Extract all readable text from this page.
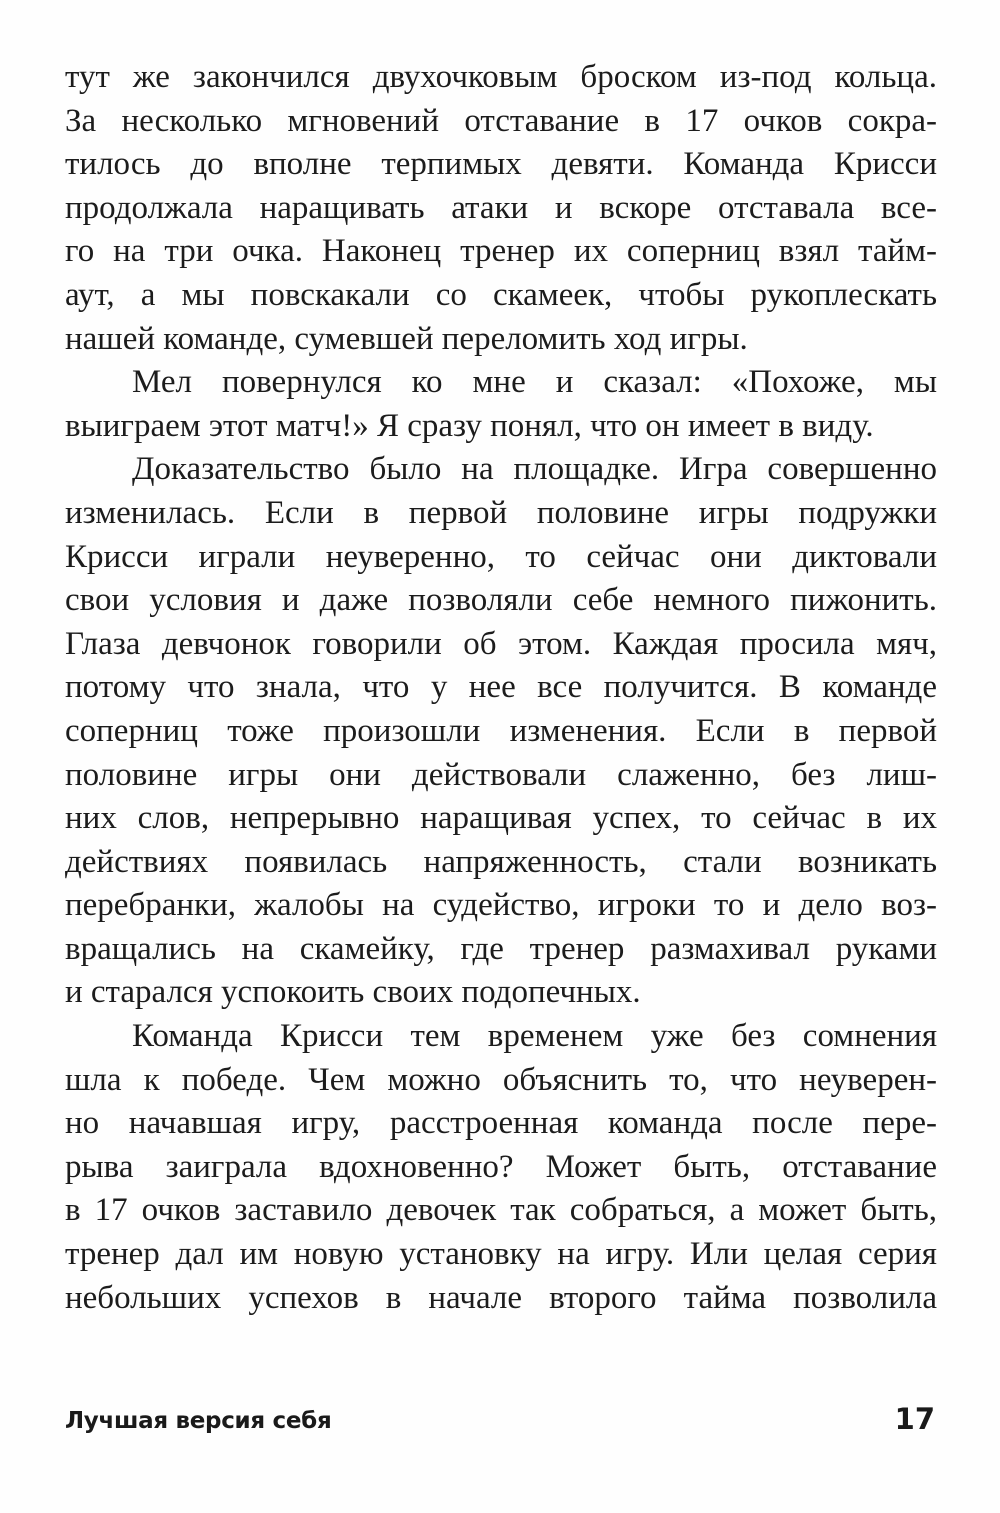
тут же закончился двухочковым броском из-под кольца.
За несколько мгновений отставание в 17 очков сокра-
тилось до вполне терпимых девяти. Команда Крисси
продолжала наращивать атаки и вскоре отставала все-
го на три очка. Наконец тренер их соперниц взял тайм-
аут, а мы повскакали со скамеек, чтобы рукоплескать
нашей команде, сумевшей переломить ход игры.
Мел повернулся ко мне и сказал: «Похоже, мы
выиграем этот матч!» Я сразу понял, что он имеет в виду.
Доказательство было на площадке. Игра совершенно
изменилась. Если в первой половине игры подружки
Крисси играли неуверенно, то сейчас они диктовали
свои условия и даже позволяли себе немного пижонить.
Глаза девчонок говорили об этом. Каждая просила мяч,
потому что знала, что у нее все получится. В команде
соперниц тоже произошли изменения. Если в первой
половине игры они действовали слаженно, без лиш-
них слов, непрерывно наращивая успех, то сейчас в их
действиях появилась напряженность, стали возникать
перебранки, жалобы на судейство, игроки то и дело воз-
вращались на скамейку, где тренер размахивал руками
и старался успокоить своих подопечных.
Команда Крисси тем временем уже без сомнения
шла к победе. Чем можно объяснить то, что неуверен-
но начавшая игру, расстроенная команда после пере-
рыва заиграла вдохновенно? Может быть, отставание
в 17 очков заставило девочек так собраться, а может быть,
тренер дал им новую установку на игру. Или целая серия
небольших успехов в начале второго тайма позволила
Лучшая версия себя	17
